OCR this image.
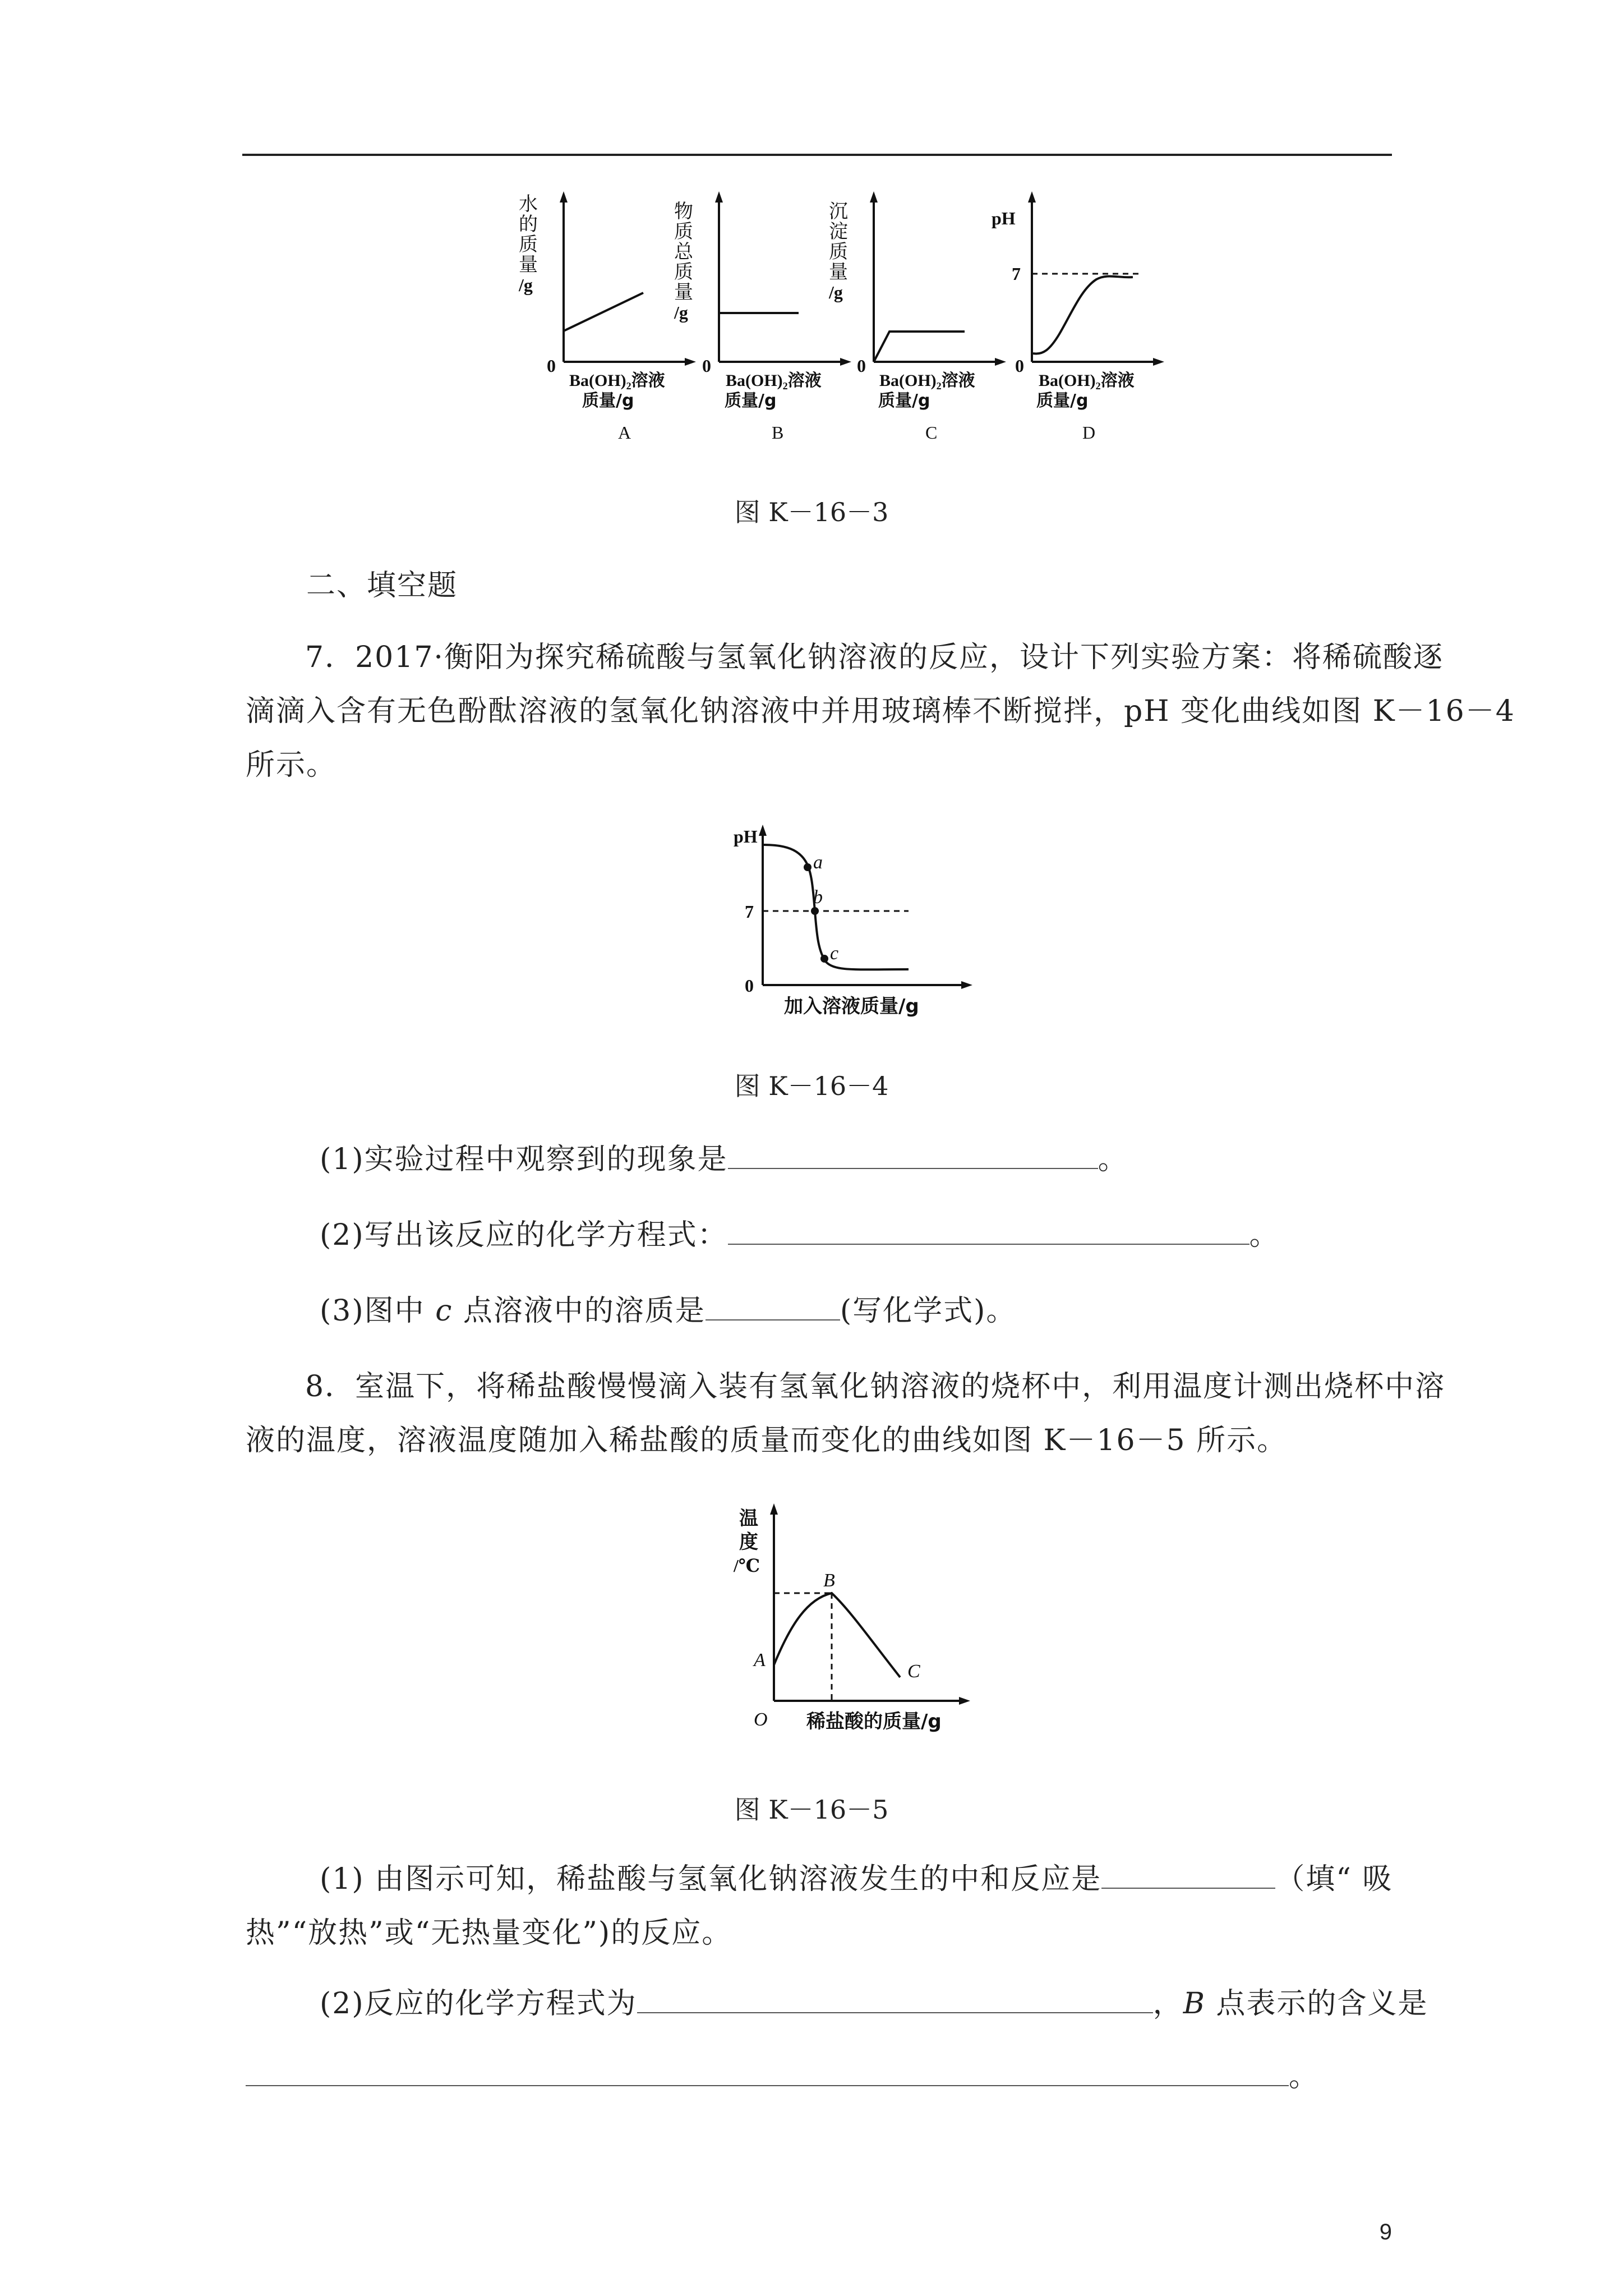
水
的
质
量
/g
0
Ba(OH)₂溶液
质量/g
A
物
质
总
质
量
/g
0
Ba(OH)₂溶液
质量/g
B
沉
淀
质
量
/g
0
Ba(OH)₂溶液
质量/g
C
pH
7
0
Ba(OH)₂溶液
质量/g
D
图 K－16－3
二、填空题
7．2017·衡阳为探究稀硫酸与氢氧化钠溶液的反应，设计下列实验方案：将稀硫酸逐
滴滴入含有无色酚酞溶液的氢氧化钠溶液中并用玻璃棒不断搅拌，pH 变化曲线如图 K－16－4
所示。
pH
7
0
a
b
c
加入溶液质量/g
图 K－16－4
(1)实验过程中观察到的现象是	。
(2)写出该反应的化学方程式：	。
(3)图中 c 点溶液中的溶质是	(写化学式)。
8．室温下，将稀盐酸慢慢滴入装有氢氧化钠溶液的烧杯中，利用温度计测出烧杯中溶
液的温度，溶液温度随加入稀盐酸的质量而变化的曲线如图 K－16－5 所示。
温
度
/℃
A
B
C
O 稀盐酸的质量/g
图 K－16－5
(1) 由图示可知，稀盐酸与氢氧化钠溶液发生的中和反应是	（填“ 吸
热”“放热”或“无热量变化”)的反应。
(2)反应的化学方程式为	，B 点表示的含义是
。
9
